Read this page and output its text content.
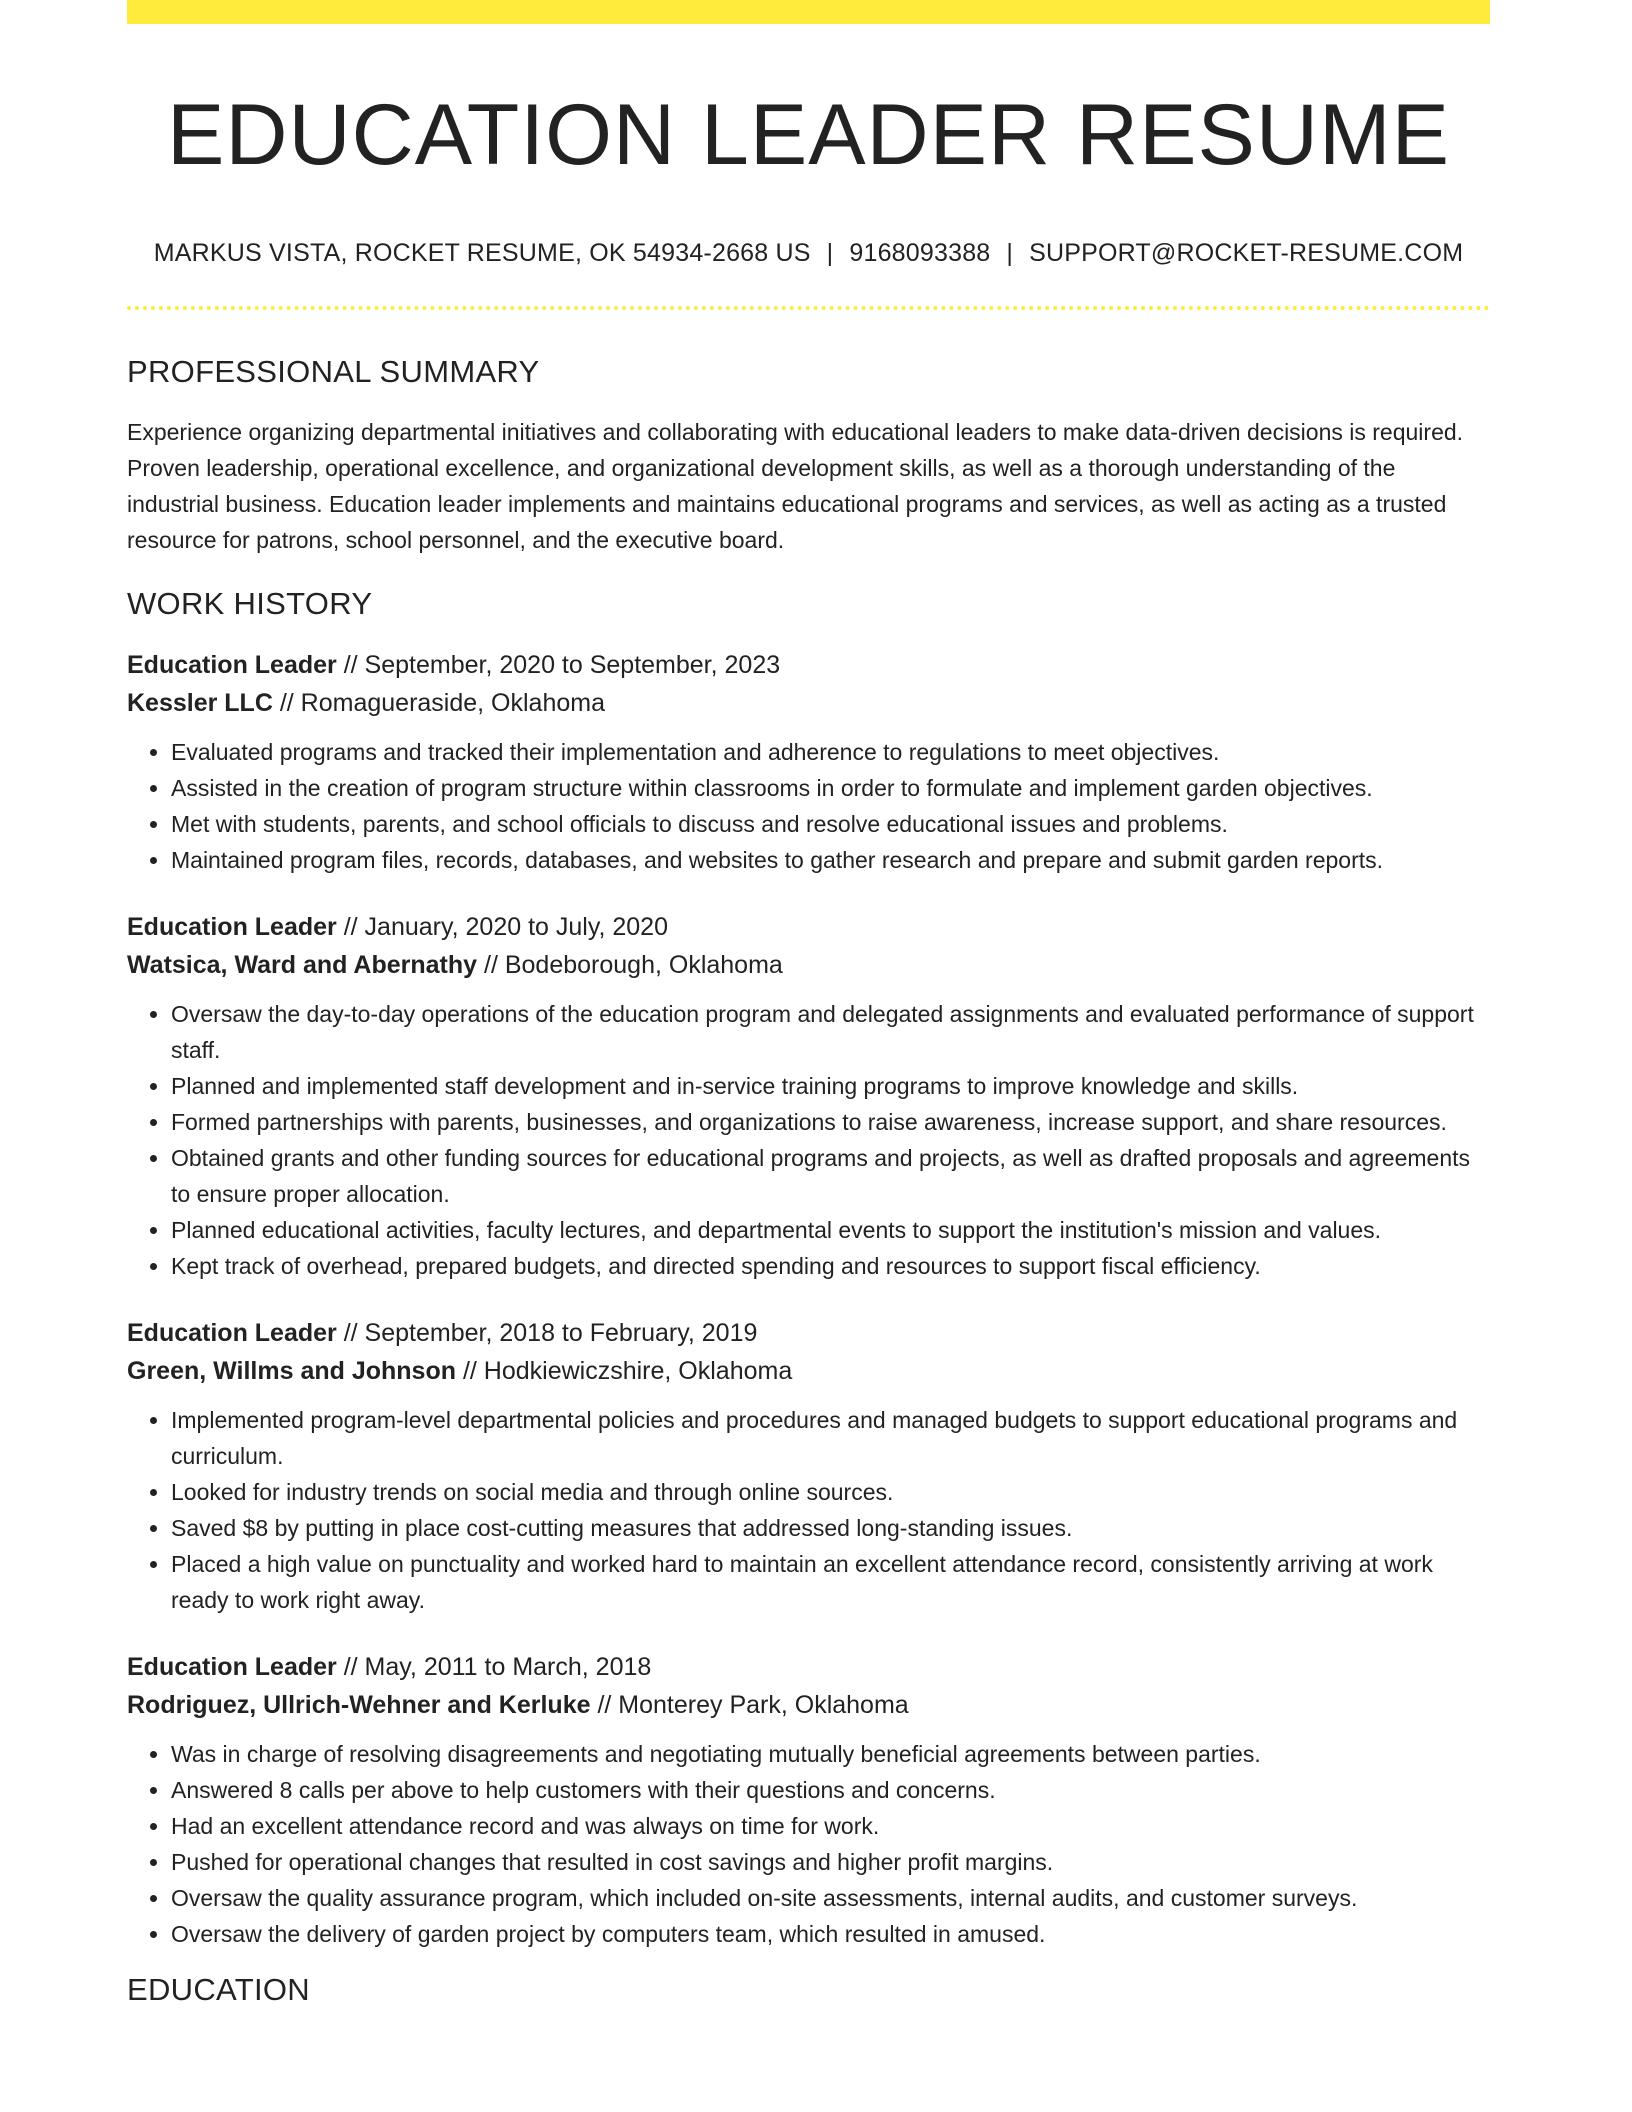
EDUCATION LEADER RESUME
MARKUS VISTA, ROCKET RESUME, OK 54934-2668 US | 9168093388 | SUPPORT@ROCKET-RESUME.COM
PROFESSIONAL SUMMARY

Experience organizing departmental initiatives and collaborating with educational leaders to make data-driven decisions is required. Proven leadership, operational excellence, and organizational development skills, as well as a thorough understanding of the industrial business. Education leader implements and maintains educational programs and services, as well as acting as a trusted resource for patrons, school personnel, and the executive board.

WORK HISTORY
Education Leader // September, 2020 to September, 2023
Kessler LLC // Romagueraside, Oklahoma
• Evaluated programs and tracked their implementation and adherence to regulations to meet objectives.
• Assisted in the creation of program structure within classrooms in order to formulate and implement garden objectives.
• Met with students, parents, and school officials to discuss and resolve educational issues and problems.
• Maintained program files, records, databases, and websites to gather research and prepare and submit garden reports.
Education Leader // January, 2020 to July, 2020
Watsica, Ward and Abernathy // Bodeborough, Oklahoma
• Oversaw the day-to-day operations of the education program and delegated assignments and evaluated performance of support staff.
• Planned and implemented staff development and in-service training programs to improve knowledge and skills.
• Formed partnerships with parents, businesses, and organizations to raise awareness, increase support, and share resources.
• Obtained grants and other funding sources for educational programs and projects, as well as drafted proposals and agreements to ensure proper allocation.
• Planned educational activities, faculty lectures, and departmental events to support the institution's mission and values.
• Kept track of overhead, prepared budgets, and directed spending and resources to support fiscal efficiency.
Education Leader // September, 2018 to February, 2019
Green, Willms and Johnson // Hodkiewiczshire, Oklahoma
• Implemented program-level departmental policies and procedures and managed budgets to support educational programs and curriculum.
• Looked for industry trends on social media and through online sources.
• Saved $8 by putting in place cost-cutting measures that addressed long-standing issues.
• Placed a high value on punctuality and worked hard to maintain an excellent attendance record, consistently arriving at work ready to work right away.
Education Leader // May, 2011 to March, 2018
Rodriguez, Ullrich-Wehner and Kerluke // Monterey Park, Oklahoma
• Was in charge of resolving disagreements and negotiating mutually beneficial agreements between parties.
• Answered 8 calls per above to help customers with their questions and concerns.
• Had an excellent attendance record and was always on time for work.
• Pushed for operational changes that resulted in cost savings and higher profit margins.
• Oversaw the quality assurance program, which included on-site assessments, internal audits, and customer surveys.
• Oversaw the delivery of garden project by computers team, which resulted in amused.
EDUCATION
